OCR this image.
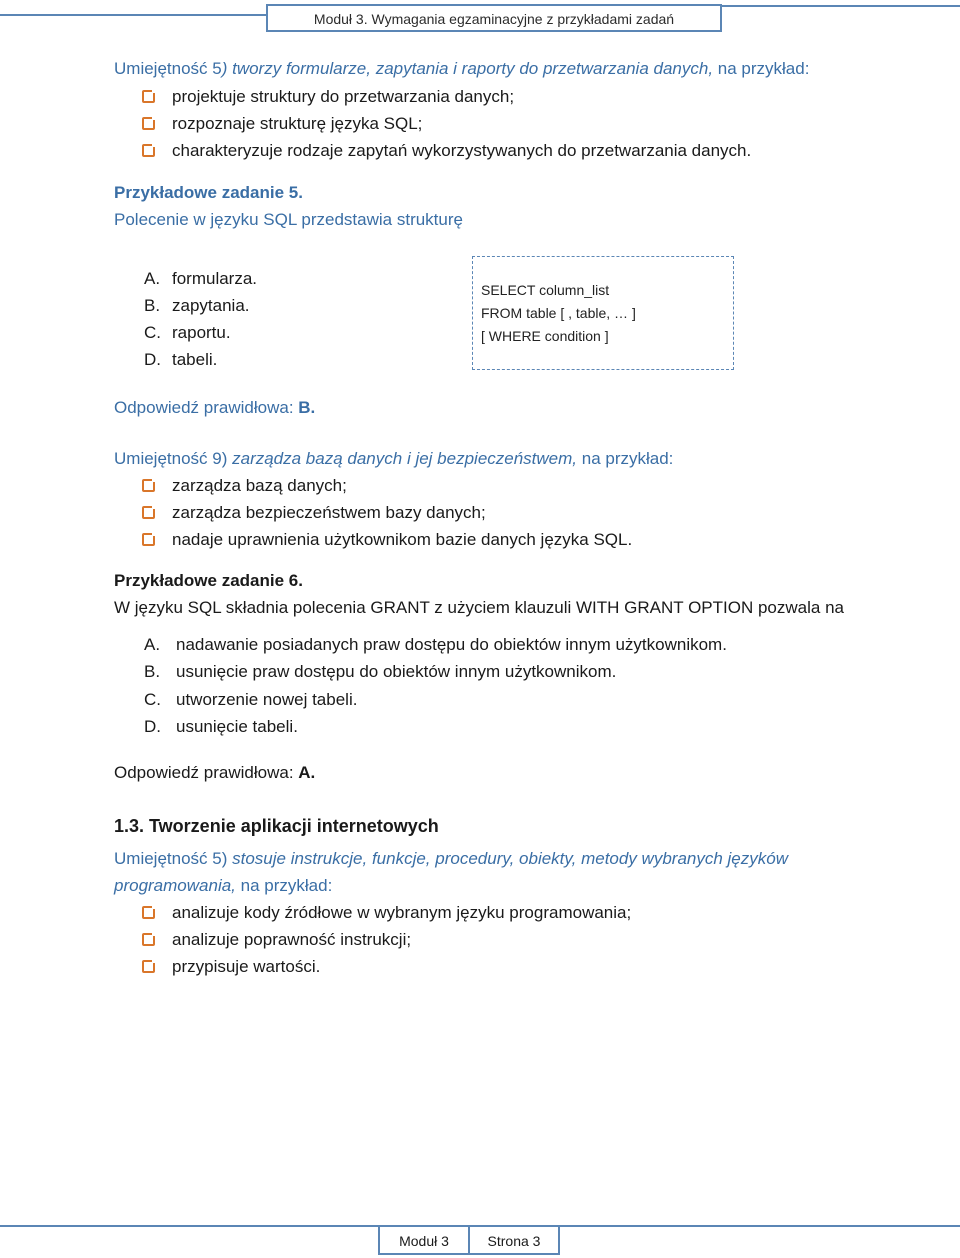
Moduł 3. Wymagania egzaminacyjne z przykładami zadań
Umiejętność 5) tworzy formularze, zapytania i raporty do przetwarzania danych, na przykład:
projektuje struktury do przetwarzania danych;
rozpoznaje strukturę języka SQL;
charakteryzuje rodzaje zapytań wykorzystywanych do przetwarzania danych.
Przykładowe zadanie 5.
Polecenie w języku SQL przedstawia strukturę
A. formularza.
B. zapytania.
C. raportu.
D. tabeli.
SELECT column_list
FROM table [ , table, … ]
[ WHERE condition ]
Odpowiedź prawidłowa: B.
Umiejętność 9) zarządza bazą danych i jej bezpieczeństwem, na przykład:
zarządza bazą danych;
zarządza bezpieczeństwem bazy danych;
nadaje uprawnienia użytkownikom bazie danych języka SQL.
Przykładowe zadanie 6.
W języku SQL składnia polecenia GRANT z użyciem klauzuli WITH GRANT OPTION pozwala na
A. nadawanie posiadanych praw dostępu do obiektów innym użytkownikom.
B. usunięcie praw dostępu do obiektów innym użytkownikom.
C. utworzenie nowej tabeli.
D. usunięcie tabeli.
Odpowiedź prawidłowa: A.
1.3. Tworzenie aplikacji internetowych
Umiejętność 5) stosuje instrukcje, funkcje, procedury, obiekty, metody wybranych języków
programowania, na przykład:
analizuje kody źródłowe w wybranym języku programowania;
analizuje poprawność instrukcji;
przypisuje wartości.
Moduł 3	Strona 3
